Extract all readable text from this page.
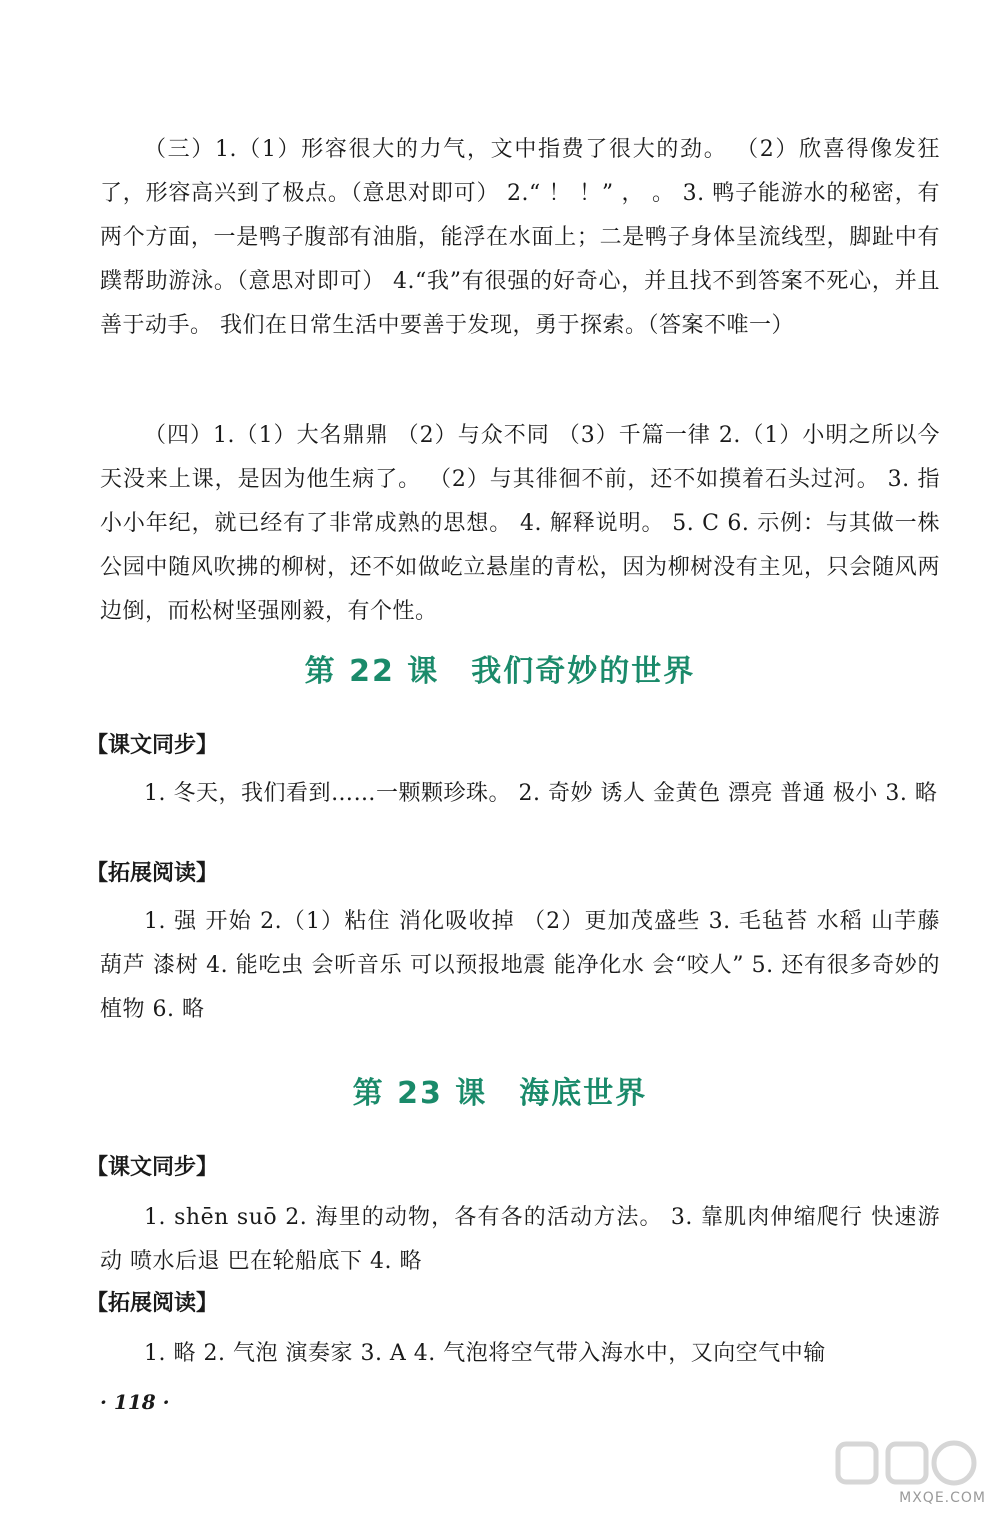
（三）1.（1）形容很大的力气，文中指费了很大的劲。 （2）欣喜得像发狂了，形容高兴到了极点。（意思对即可） 2.“ ！ ！” ， 。 3. 鸭子能游水的秘密，有两个方面，一是鸭子腹部有油脂，能浮在水面上；二是鸭子身体呈流线型，脚趾中有蹼帮助游泳。（意思对即可） 4.“我”有很强的好奇心，并且找不到答案不死心，并且善于动手。 我们在日常生活中要善于发现，勇于探索。（答案不唯一）

（四）1.（1）大名鼎鼎 （2）与众不同 （3）千篇一律 2.（1）小明之所以今天没来上课，是因为他生病了。 （2）与其徘徊不前，还不如摸着石头过河。 3. 指小小年纪，就已经有了非常成熟的思想。 4. 解释说明。 5. C 6. 示例：与其做一株公园中随风吹拂的柳树，还不如做屹立悬崖的青松，因为柳树没有主见，只会随风两边倒，而松树坚强刚毅，有个性。

第 22 课　我们奇妙的世界

【课文同步】

1. 冬天，我们看到……一颗颗珍珠。 2. 奇妙 诱人 金黄色 漂亮 普通 极小 3. 略

【拓展阅读】

1. 强 开始 2.（1）粘住 消化吸收掉 （2）更加茂盛些 3. 毛毡苔 水稻 山芋藤 葫芦 漆树 4. 能吃虫 会听音乐 可以预报地震 能净化水 会“咬人” 5. 还有很多奇妙的植物 6. 略

第 23 课　海底世界

【课文同步】

1. shēn suō 2. 海里的动物，各有各的活动方法。 3. 靠肌肉伸缩爬行 快速游动 喷水后退 巴在轮船底下 4. 略

【拓展阅读】

1. 略 2. 气泡 演奏家 3. A 4. 气泡将空气带入海水中，又向空气中输

· 118 ·

MXQE.COM
